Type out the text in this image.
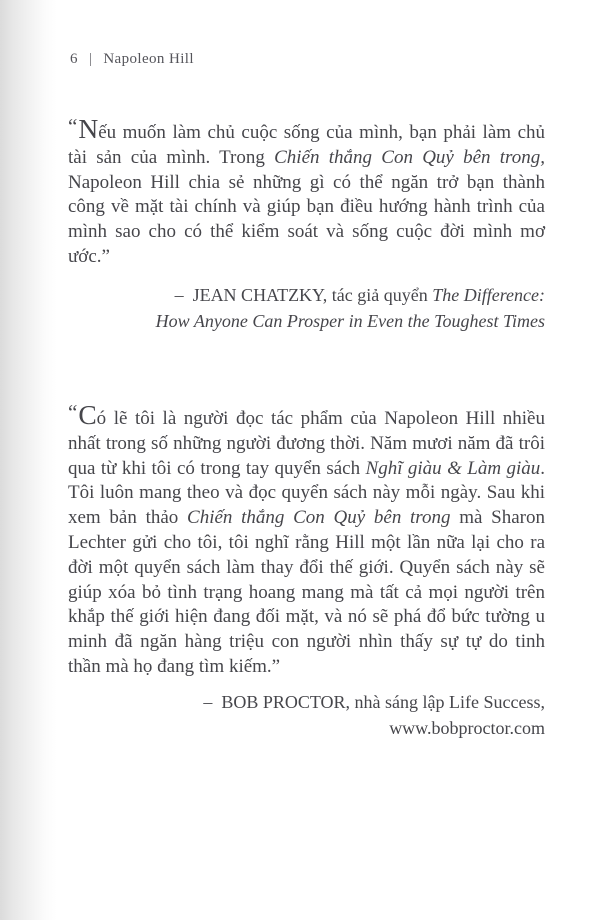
6 | Napoleon Hill

“Nếu muốn làm chủ cuộc sống của mình, bạn phải làm chủ tài sản của mình. Trong Chiến thắng Con Quỷ bên trong, Napoleon Hill chia sẻ những gì có thể ngăn trở bạn thành công về mặt tài chính và giúp bạn điều hướng hành trình của mình sao cho có thể kiểm soát và sống cuộc đời mình mơ ước.”

– JEAN CHATZKY, tác giả quyển The Difference:
How Anyone Can Prosper in Even the Toughest Times

“Có lẽ tôi là người đọc tác phẩm của Napoleon Hill nhiều nhất trong số những người đương thời. Năm mươi năm đã trôi qua từ khi tôi có trong tay quyển sách Nghĩ giàu & Làm giàu. Tôi luôn mang theo và đọc quyển sách này mỗi ngày. Sau khi xem bản thảo Chiến thắng Con Quỷ bên trong mà Sharon Lechter gửi cho tôi, tôi nghĩ rằng Hill một lần nữa lại cho ra đời một quyển sách làm thay đổi thế giới. Quyển sách này sẽ giúp xóa bỏ tình trạng hoang mang mà tất cả mọi người trên khắp thế giới hiện đang đối mặt, và nó sẽ phá đổ bức tường u minh đã ngăn hàng triệu con người nhìn thấy sự tự do tinh thần mà họ đang tìm kiếm.”

– BOB PROCTOR, nhà sáng lập Life Success,
www.bobproctor.com
